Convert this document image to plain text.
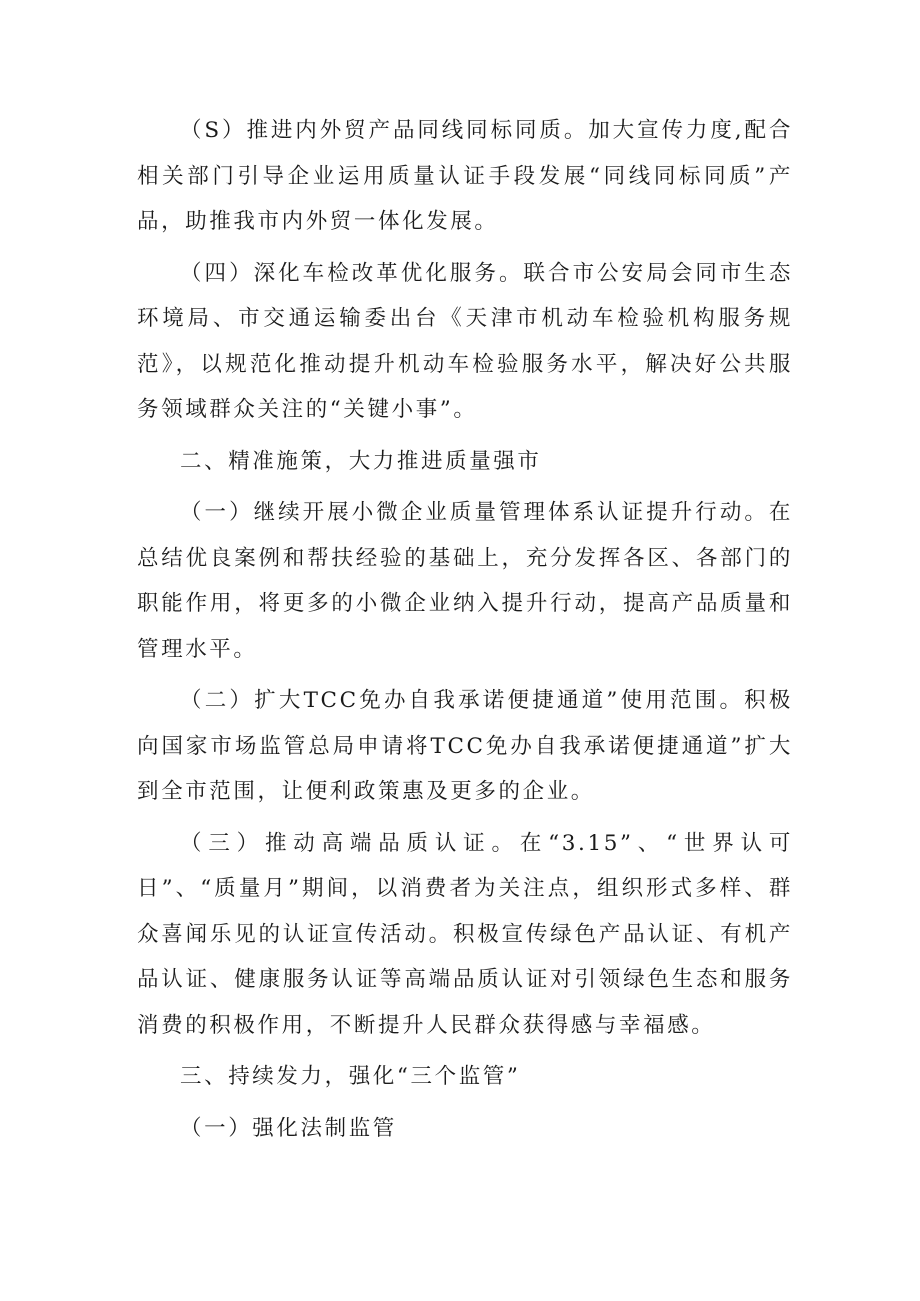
（S）推进内外贸产品同线同标同质。加大宣传力度,配合相关部门引导企业运用质量认证手段发展“同线同标同质”产品，助推我市内外贸一体化发展。

（四）深化车检改革优化服务。联合市公安局会同市生态环境局、市交通运输委出台《天津市机动车检验机构服务规范》，以规范化推动提升机动车检验服务水平，解决好公共服务领域群众关注的“关键小事”。

二、精准施策，大力推进质量强市

（一）继续开展小微企业质量管理体系认证提升行动。在总结优良案例和帮扶经验的基础上，充分发挥各区、各部门的职能作用，将更多的小微企业纳入提升行动，提高产品质量和管理水平。

（二）扩大TCC免办自我承诺便捷通道”使用范围。积极向国家市场监管总局申请将TCC免办自我承诺便捷通道”扩大到全市范围，让便利政策惠及更多的企业。

（三）推动高端品质认证。在“3.15”、“世界认可日”、“质量月”期间，以消费者为关注点，组织形式多样、群众喜闻乐见的认证宣传活动。积极宣传绿色产品认证、有机产品认证、健康服务认证等高端品质认证对引领绿色生态和服务消费的积极作用，不断提升人民群众获得感与幸福感。

三、持续发力，强化“三个监管”

（一）强化法制监管
